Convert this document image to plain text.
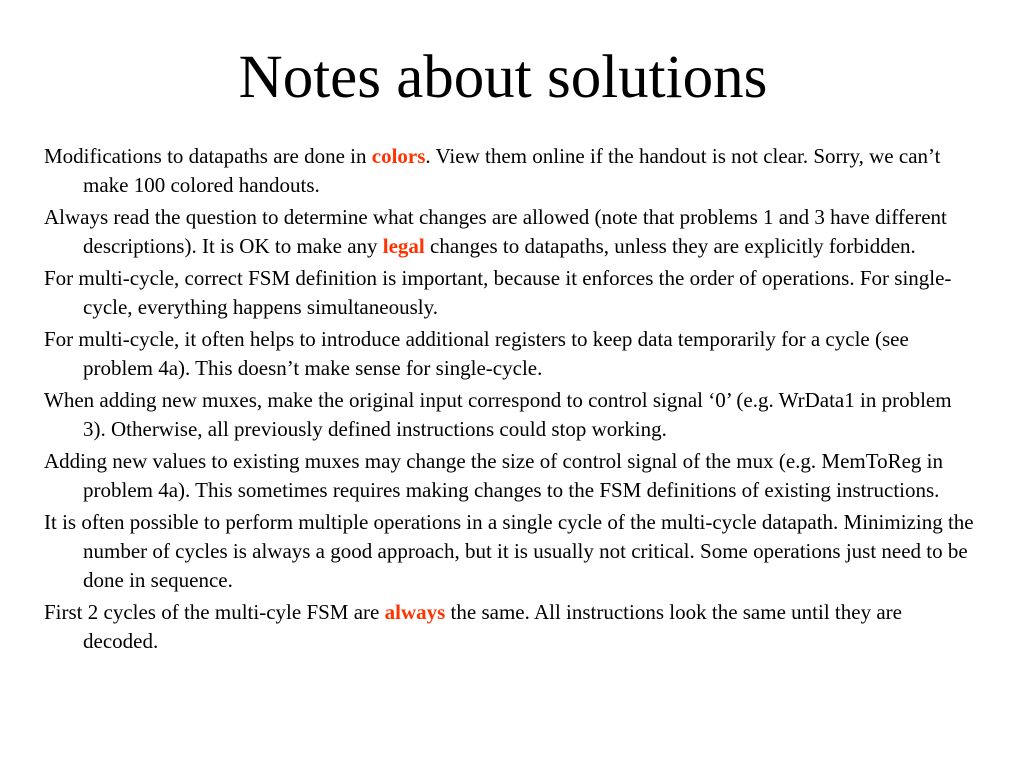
Notes about solutions
Modifications to datapaths are done in colors. View them online if the handout is not clear. Sorry, we can’t make 100 colored handouts.
Always read the question to determine what changes are allowed (note that problems 1 and 3 have different descriptions). It is OK to make any legal changes to datapaths, unless they are explicitly forbidden.
For multi-cycle, correct FSM definition is important, because it enforces the order of operations. For single-cycle, everything happens simultaneously.
For multi-cycle, it often helps to introduce additional registers to keep data temporarily for a cycle (see problem 4a). This doesn’t make sense for single-cycle.
When adding new muxes, make the original input correspond to control signal ‘0’ (e.g. WrData1 in problem 3). Otherwise, all previously defined instructions could stop working.
Adding new values to existing muxes may change the size of control signal of the mux (e.g. MemToReg in problem 4a). This sometimes requires making changes to the FSM definitions of existing instructions.
It is often possible to perform multiple operations in a single cycle of the multi-cycle datapath. Minimizing the number of cycles is always a good approach, but it is usually not critical. Some operations just need to be done in sequence.
First 2 cycles of the multi-cyle FSM are always the same. All instructions look the same until they are decoded.
